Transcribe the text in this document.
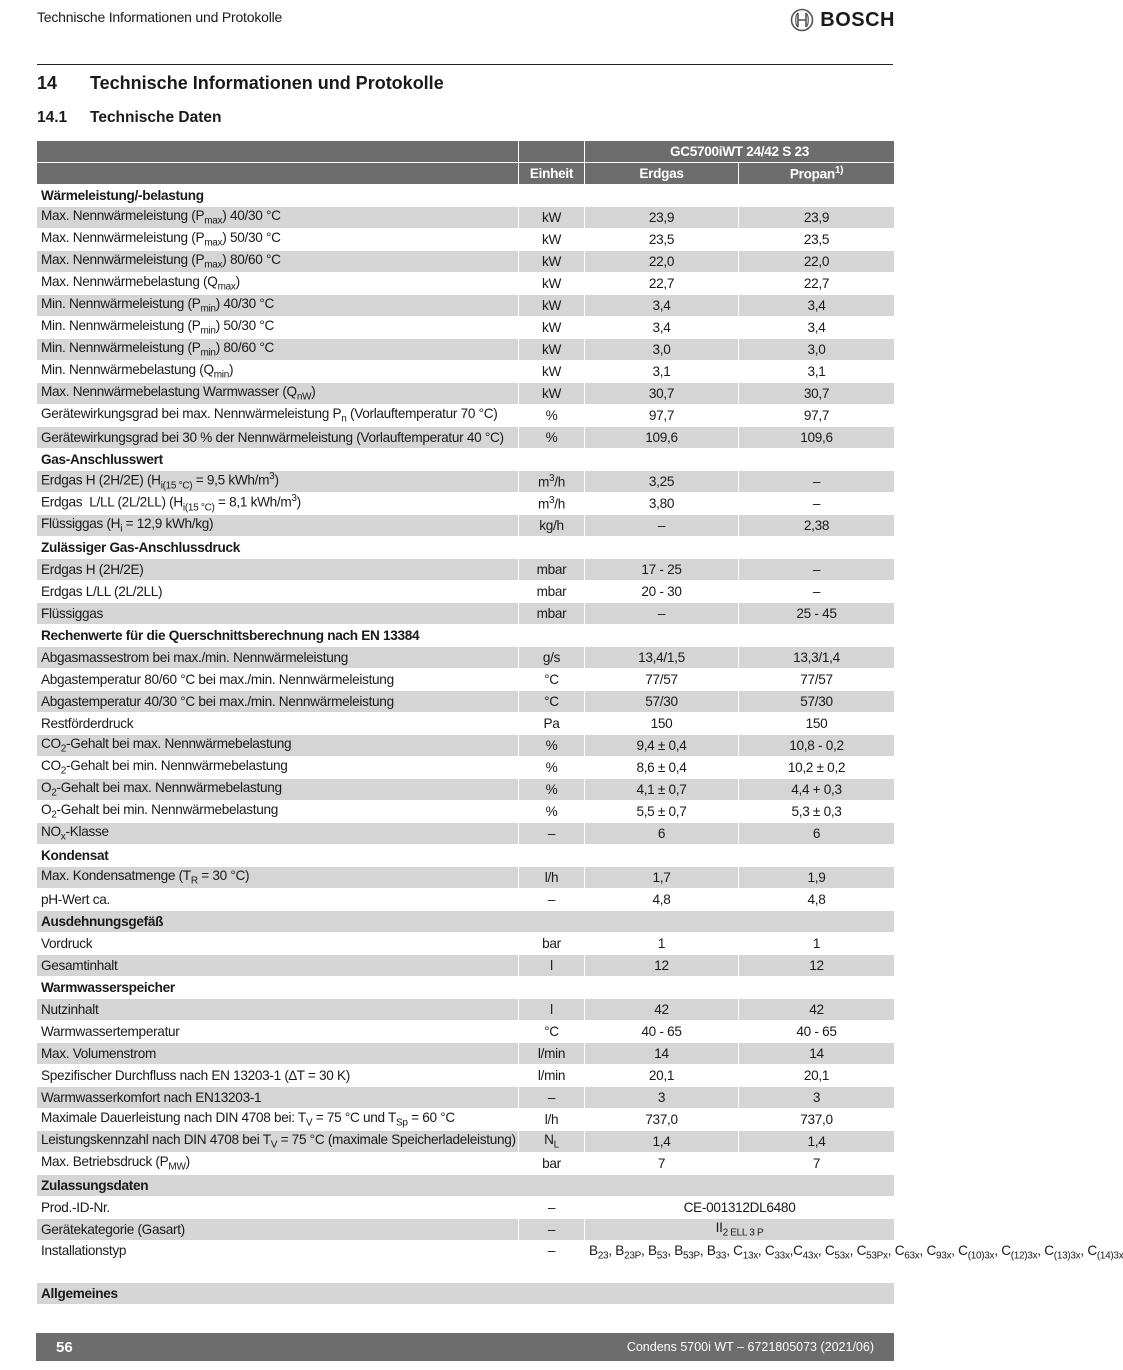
Technische Informationen und Protokolle	BOSCH
14	Technische Informationen und Protokolle
14.1	Technische Daten
		GC5700iWT 24/42 S 23	
	Einheit	Erdgas	Propan$^{1)}$
Wärmeleistung/-belastung			
Max. Nennwärmeleistung $(P_{max})$ 40/30 °C	kW	23,9	23,9
Max. Nennwärmeleistung $(P_{max})$ 50/30 °C	kW	23,5	23,5
Max. Nennwärmeleistung $(P_{max})$ 80/60 °C	kW	22,0	22,0
Max. Nennwärmebelastung $(Q_{max})$	kW	22,7	22,7
Min. Nennwärmeleistung $(P_{min})$ 40/30 °C	kW	3,4	3,4
Min. Nennwärmeleistung $(P_{min})$ 50/30 °C	kW	3,4	3,4
Min. Nennwärmeleistung $(P_{min})$ 80/60 °C	kW	3,0	3,0
Min. Nennwärmebelastung $(Q_{min})$	kW	3,1	3,1
Max. Nennwärmebelastung Warmwasser $(Q_{nW})$	kW	30,7	30,7
Gerätewirkungsgrad bei max. Nennwärmeleistung $P_n$ (Vorlauftemperatur 70 °C)	%	97,7	97,7
Gerätewirkungsgrad bei 30 % der Nennwärmeleistung (Vorlauftemperatur 40 °C)	%	109,6	109,6
Gas-Anschlusswert			
Erdgas H (2H/2E) ($H_{i(15 ^\circ C)} = 9,5$ kWh/$m^3$)	$m^3/h$	3,25	–
Erdgas  L/LL (2L/2LL) ($H_{i(15 ^\circ C)} = 8,1$ kWh/$m^3$)	$m^3/h$	3,80	–
Flüssiggas ($H_i = 12,9$ kWh/kg)	kg/h	–	2,38
Zulässiger Gas-Anschlussdruck			
Erdgas H (2H/2E)	mbar	17 - 25	–
Erdgas L/LL (2L/2LL)	mbar	20 - 30	–
Flüssiggas	mbar	–	25 - 45
Rechenwerte für die Querschnittsberechnung nach EN 13384			
Abgasmassestrom bei max./min. Nennwärmeleistung	g/s	13,4/1,5	13,3/1,4
Abgastemperatur 80/60 °C bei max./min. Nennwärmeleistung	°C	77/57	77/57
Abgastemperatur 40/30 °C bei max./min. Nennwärmeleistung	°C	57/30	57/30
Restförderdruck	Pa	150	150
$CO_2$-Gehalt bei max. Nennwärmebelastung	%	9,4 ± 0,4	10,8 - 0,2
$CO_2$-Gehalt bei min. Nennwärmebelastung	%	8,6 ± 0,4	10,2 ± 0,2
$O_2$-Gehalt bei max. Nennwärmebelastung	%	4,1 ± 0,7	4,4 + 0,3
$O_2$-Gehalt bei min. Nennwärmebelastung	%	5,5 ± 0,7	5,3 ± 0,3
$NO_x$-Klasse	–	6	6
Kondensat			
Max. Kondensatmenge ($T_R = 30$ °C)	l/h	1,7	1,9
pH-Wert ca.	–	4,8	4,8
Ausdehnungsgefäß			
Vordruck	bar	1	1
Gesamtinhalt	l	12	12
Warmwasserspeicher			
Nutzinhalt	l	42	42
Warmwassertemperatur	°C	40 - 65	40 - 65
Max. Volumenstrom	l/min	14	14
Spezifischer Durchfluss nach EN 13203-1 (∆T = 30 K)	l/min	20,1	20,1
Warmwasserkomfort nach EN13203-1	–	3	3
Maximale Dauerleistung nach DIN 4708 bei: $T_V = 75$ °C und $T_{Sp} = 60$ °C	l/h	737,0	737,0
Leistungskennzahl nach DIN 4708 bei $T_V = 75$ °C (maximale Speicherladeleistung)	$N_L$	1,4	1,4
Max. Betriebsdruck $(P_{MW})$	bar	7	7
Zulassungsdaten			
Prod.-ID-Nr.	–	CE-001312DL6480	
Gerätekategorie (Gasart)	–	$II_{2 ELL 3 P}$
Installationstyp	–	$B_{23}$, $B_{23P}$, $B_{53}$, $B_{53P}$, $B_{33}$, $C_{13x}$, $C_{33x},C_{43x}$, $C_{53x}$, $C_{53Px}$, $C_{63x}$, $C_{93x}$, $C_{(10)3x}$, $C_{(12)3x}$, $C_{(13)3x}$, $C_{(14)3x}$
Allgemeines			
56	Condens 5700i WT – 6721805073 (2021/06)
